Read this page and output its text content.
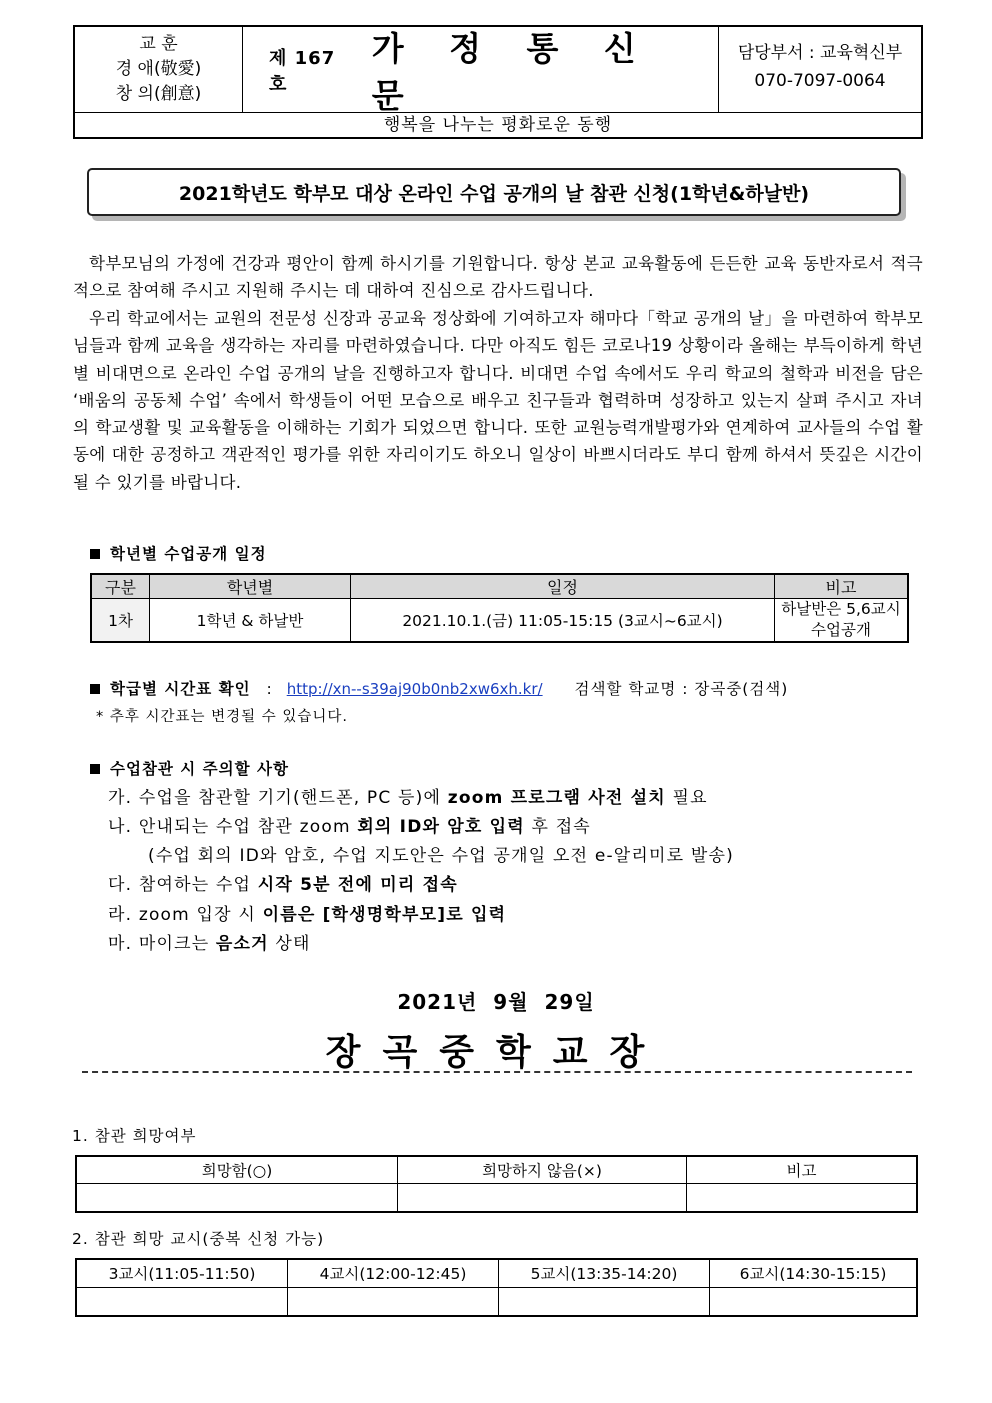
교 훈
경 애(敬愛)
창 의(創意)
제 167 호
가 정 통 신 문
담당부서 : 교육혁신부
070-7097-0064
행복을 나누는 평화로운 동행
2021학년도 학부모 대상 온라인 수업 공개의 날 참관 신청(1학년&하날반)
학부모님의 가정에 건강과 평안이 함께 하시기를 기원합니다. 항상 본교 교육활동에 든든한 교육 동반자로서 적극적으로 참여해 주시고 지원해 주시는 데 대하여 진심으로 감사드립니다.
우리 학교에서는 교원의 전문성 신장과 공교육 정상화에 기여하고자 해마다「학교 공개의 날」을 마련하여 학부모님들과 함께 교육을 생각하는 자리를 마련하였습니다. 다만 아직도 힘든 코로나19 상황이라 올해는 부득이하게 학년별 비대면으로 온라인 수업 공개의 날을 진행하고자 합니다. 비대면 수업 속에서도 우리 학교의 철학과 비전을 담은 ‘배움의 공동체 수업’ 속에서 학생들이 어떤 모습으로 배우고 친구들과 협력하며 성장하고 있는지 살펴 주시고 자녀의 학교생활 및 교육활동을 이해하는 기회가 되었으면 합니다. 또한 교원능력개발평가와 연계하여 교사들의 수업 활동에 대한 공정하고 객관적인 평가를 위한 자리이기도 하오니 일상이 바쁘시더라도 부디 함께 하셔서 뜻깊은 시간이 될 수 있기를 바랍니다.
학년별 수업공개 일정
구분	학년별	일정	비고
1차	1학년 & 하날반	2021.10.1.(금) 11:05-15:15 (3교시~6교시)	하날반은 5,6교시
수업공개
학급별 시간표 확인 : http://xn--s39aj90b0nb2xw6xh.kr/ 검색할 학교명 : 장곡중(검색)
* 추후 시간표는 변경될 수 있습니다.
수업참관 시 주의할 사항
가. 수업을 참관할 기기(핸드폰, PC 등)에 zoom 프로그램 사전 설치 필요
나. 안내되는 수업 참관 zoom 회의 ID와 암호 입력 후 접속
(수업 회의 ID와 암호, 수업 지도안은 수업 공개일 오전 e-알리미로 발송)
다. 참여하는 수업 시작 5분 전에 미리 접속
라. zoom 입장 시 이름은 [학생명학부모]로 입력
마. 마이크는 음소거 상태
2021년 9월 29일
장곡중학교장
1. 참관 희망여부
희망함(○)	희망하지 않음(×)	비고

2. 참관 희망 교시(중복 신청 가능)
3교시(11:05-11:50)	4교시(12:00-12:45)	5교시(13:35-14:20)	6교시(14:30-15:15)
